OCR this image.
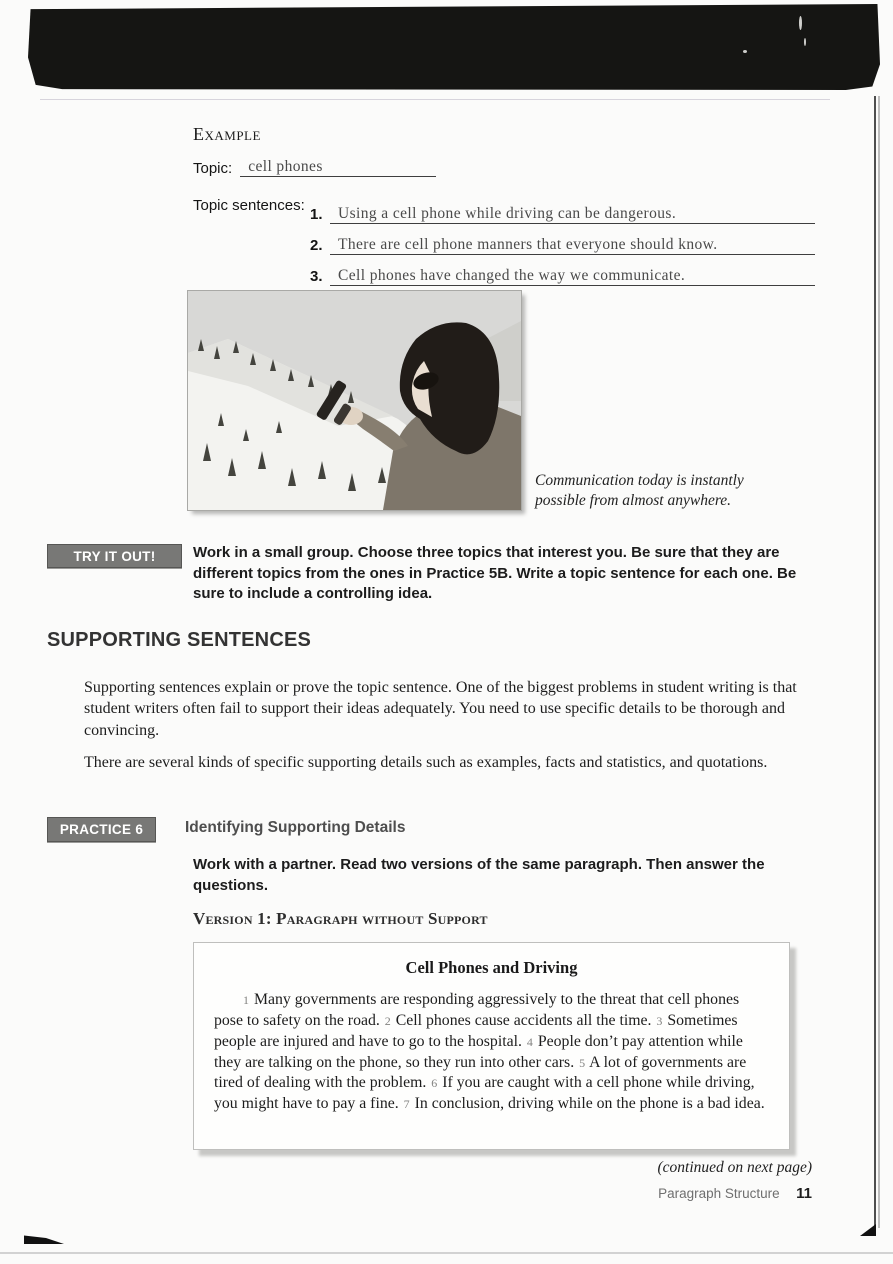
Example
Topic:	cell phones
Topic sentences:
1. Using a cell phone while driving can be dangerous.
2. There are cell phone manners that everyone should know.
3. Cell phones have changed the way we communicate.
Communication today is instantly possible from almost anywhere.
TRY IT OUT!	Work in a small group. Choose three topics that interest you. Be sure that they are different topics from the ones in Practice 5B. Write a topic sentence for each one. Be sure to include a controlling idea.
SUPPORTING SENTENCES
Supporting sentences explain or prove the topic sentence. One of the biggest problems in student writing is that student writers often fail to support their ideas adequately. You need to use specific details to be thorough and convincing.
There are several kinds of specific supporting details such as examples, facts and statistics, and quotations.
PRACTICE 6	Identifying Supporting Details
Work with a partner. Read two versions of the same paragraph. Then answer the questions.
Version 1: Paragraph without Support
Cell Phones and Driving
1 Many governments are responding aggressively to the threat that cell phones pose to safety on the road. 2 Cell phones cause accidents all the time. 3 Sometimes people are injured and have to go to the hospital. 4 People don’t pay attention while they are talking on the phone, so they run into other cars. 5 A lot of governments are tired of dealing with the problem. 6 If you are caught with a cell phone while driving, you might have to pay a fine. 7 In conclusion, driving while on the phone is a bad idea.
(continued on next page)
Paragraph Structure 11
